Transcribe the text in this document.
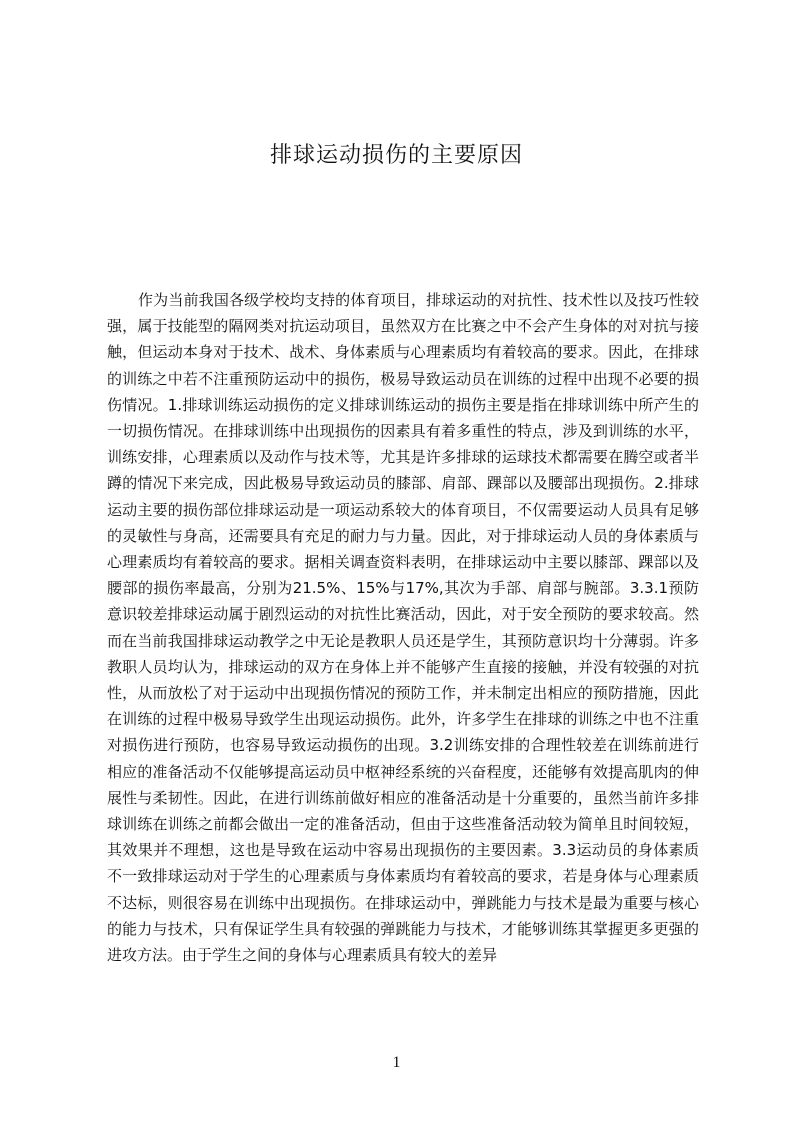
排球运动损伤的主要原因

作为当前我国各级学校均支持的体育项目，排球运动的对抗性、技术性以及技巧性较强，属于技能型的隔网类对抗运动项目，虽然双方在比赛之中不会产生身体的对对抗与接触，但运动本身对于技术、战术、身体素质与心理素质均有着较高的要求。因此，在排球的训练之中若不注重预防运动中的损伤，极易导致运动员在训练的过程中出现不必要的损伤情况。1.排球训练运动损伤的定义排球训练运动的损伤主要是指在排球训练中所产生的一切损伤情况。在排球训练中出现损伤的因素具有着多重性的特点，涉及到训练的水平，训练安排，心理素质以及动作与技术等，尤其是许多排球的运球技术都需要在腾空或者半蹲的情况下来完成，因此极易导致运动员的膝部、肩部、踝部以及腰部出现损伤。2.排球运动主要的损伤部位排球运动是一项运动系较大的体育项目，不仅需要运动人员具有足够的灵敏性与身高，还需要具有充足的耐力与力量。因此，对于排球运动人员的身体素质与心理素质均有着较高的要求。据相关调查资料表明，在排球运动中主要以膝部、踝部以及腰部的损伤率最高，分别为21.5%、15%与17%,其次为手部、肩部与腕部。3.3.1预防意识较差排球运动属于剧烈运动的对抗性比赛活动，因此，对于安全预防的要求较高。然而在当前我国排球运动教学之中无论是教职人员还是学生，其预防意识均十分薄弱。许多教职人员均认为，排球运动的双方在身体上并不能够产生直接的接触，并没有较强的对抗性，从而放松了对于运动中出现损伤情况的预防工作，并未制定出相应的预防措施，因此在训练的过程中极易导致学生出现运动损伤。此外，许多学生在排球的训练之中也不注重对损伤进行预防，也容易导致运动损伤的出现。3.2训练安排的合理性较差在训练前进行相应的准备活动不仅能够提高运动员中枢神经系统的兴奋程度，还能够有效提高肌肉的伸展性与柔韧性。因此，在进行训练前做好相应的准备活动是十分重要的，虽然当前许多排球训练在训练之前都会做出一定的准备活动，但由于这些准备活动较为简单且时间较短，其效果并不理想，这也是导致在运动中容易出现损伤的主要因素。3.3运动员的身体素质不一致排球运动对于学生的心理素质与身体素质均有着较高的要求，若是身体与心理素质不达标，则很容易在训练中出现损伤。在排球运动中，弹跳能力与技术是最为重要与核心的能力与技术，只有保证学生具有较强的弹跳能力与技术，才能够训练其掌握更多更强的进攻方法。由于学生之间的身体与心理素质具有较大的差异

1
